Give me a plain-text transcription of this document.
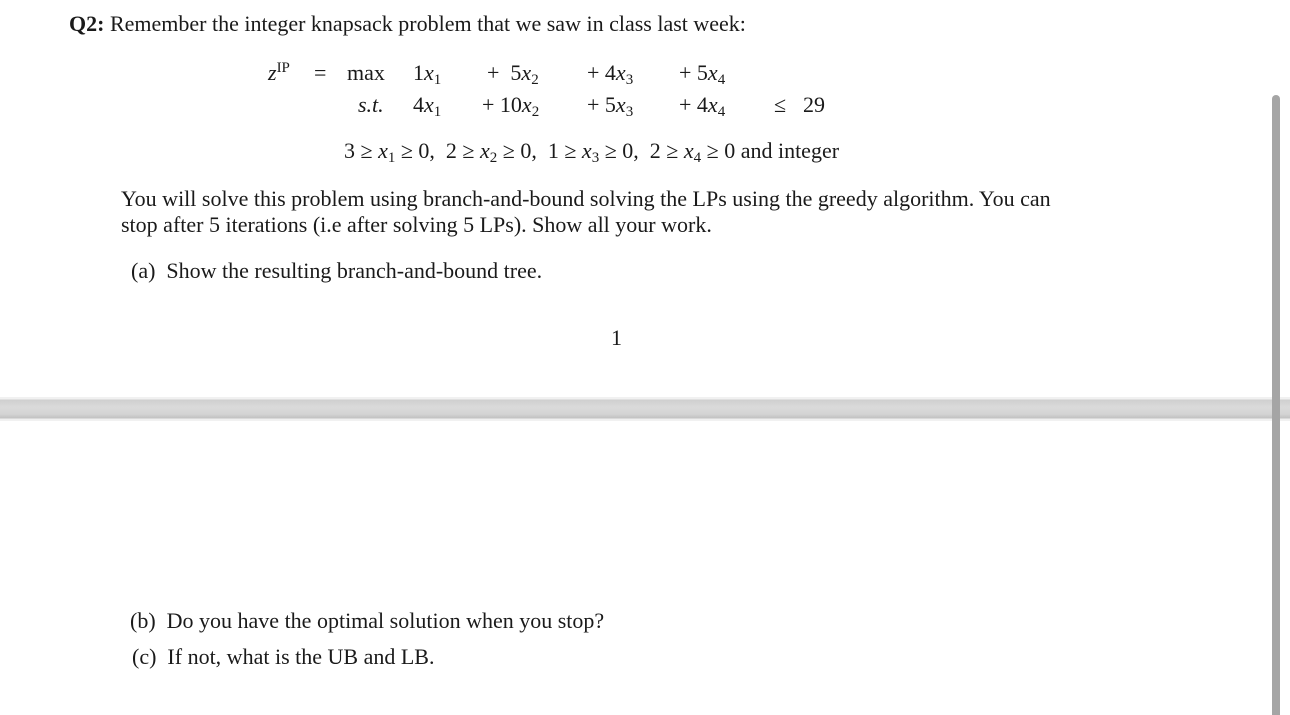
Q2: Remember the integer knapsack problem that we saw in class last week:
$z^{IP} = \max 1x_1 + 5x_2 + 4x_3 + 5x_4$
s.t. $4x_1 + 10x_2 + 5x_3 + 4x_4 \le 29$
$3 \ge x_1 \ge 0$,  $2 \ge x_2 \ge 0$,  $1 \ge x_3 \ge 0$,  $2 \ge x_4 \ge 0$ and integer
You will solve this problem using branch-and-bound solving the LPs using the greedy algorithm. You can
stop after 5 iterations (i.e after solving 5 LPs). Show all your work.
(a) Show the resulting branch-and-bound tree.
1
(b) Do you have the optimal solution when you stop?
(c) If not, what is the UB and LB.
